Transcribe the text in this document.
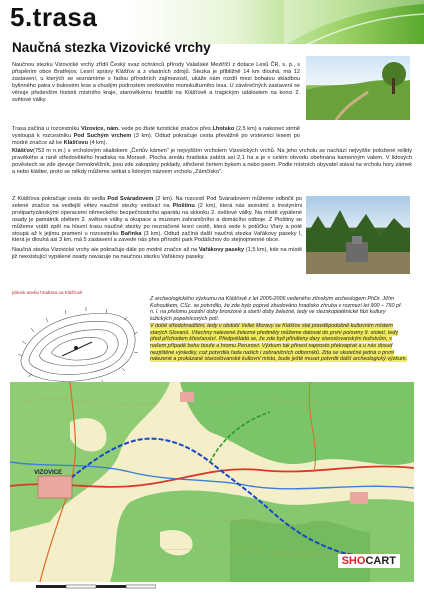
5.trasa
Naučná stezka Vizovické vrchy

Naučnou stezku Vizovické vrchy zřídil Český svaz ochránců přírody Valašské Meziříčí z dotace Lesů ČR, s. p., s přispěním obce Bratřejov, Lesní správy Klášťov a z vlastních zdrojů. Stezka je přibližně 14 km dlouhá, má 12 zastavení, u kterých se seznámíme s řadou přírodních zajímavostí, ukáže nám rozdíl mezi bohatou skladbou bylinného patra v bukovém lese a chudým podrostem smrkového monokulturního lesa. U závěrečných zastavení se věnuje především historii místního kraje, starověkému hradišti na Klášťově a tragickým událostem na konci 2. světové války.

Trasa začíná u rozcestníku Vizovice, nám. vede po žluté turistické značce přes Lhotsko (2,5 km) a nakonec strmě vystoupá k rozcestníku Pod Suchým vrchem (3 km). Odtud pokračuje cesta převážně po vrstevnici lesem po modré značce až ke Klášťovu (4 km).

Klášťov(753 m n.m.) s vrcholovým skaliskem „Čertův kámen" je nejvyšším vrcholem Vizovických vrchů. Na jeho vrcholu se nachází nejvyšše položené relikty pravěkého a raně středověkého hradiska na Moravě. Plocha areálu hradiska zabírá asi 2,1 ha a je v celém obvodu obehnána kamenným valem. V lidových pověstech se zde zjevuje černokněžník, jsou zde zakopány poklady, střežené čertem bykem a nebo psem. Podle místních obyvatel stával na vrcholu hory zámek a nebo klášter, proto se někdy můžeme setkat s lidovým názvem vrcholu „Zámčisko".

Z Klášťova pokračuje cesta do sedla Pod Sváradovem (2 km). Na rozcestí Pod Sváradovem můžeme odbočit po zelené značce na vedlejší větev naučné stezky vedoucí na Ploštinu (2 km), která nás seznámí s trestyními protipartyzánskými operacemi německého bezpečnostního aparátu na sklonku 2. světové války. Na místě vypálené osady je památník obětem 2. světové války a okupace a muzeum zahraničního a domácího odboje. Z Ploštiny se můžeme vrátit zpět na hlavní trasu naučné stezky po neznačené lesní cestě, která vede k potůčku Vlary a poté stoupá až k jejímu pramení u rozcestníku Bařinka (3 km). Odtud začíná další naučná stezka Vařákovy paseky I, která je dlouhá asi 3 km, má 5 zastavení a zavede nás přes přírodní park Podášchov do stejnojmenné obce.

Naučná stezka Vizovické vrchy ale pokračuje dále po modré značce až na Vařákovy paseky (1,5 km), kde na místě již neexistující vypálené osady navazuje na naučnou stezku Vařákovy paseky.

plánek areálu hradiska na Klášťově
Z archeologického výzkumu na Klášťově z let 2005-2006 vedeného zlínským archeologem PhDr. Jiřím Kohoutkem, CSc. se potvrdilo, že zde bylo poprvé zbudováno hradisko zhruba v rozmezí let 900 – 750 př. n. l. na přelomu pozdní doby bronzové a starší doby železné, tedy ve slezskoplatěnické fázi kultury lužických popelnicových polí.
V době středohradištní, tedy v období Velké Moravy se Klášťov stal pravděpodobně kultovním místem starých Slovanů. Všechny nalezené železné předměty můžeme datovat do první poloviny 9. století, tedy před příchodem křesťanství. Předpokládá se, že zde byli přináleny dary staroslovanským božstvům, v našem případě bohu bouře a hromu Perunovi. Výzkum tak přinesl naprosto překvapivé a u nás dosud nezjištěné výsledky, což potvrdila řada našich i zahraničních odborníků. Zda se skutečně jedná o první nalezené a prokázané staroslovanské kultovní místo, bude ještě muset potvrdit další archeologický výzkum.
VIZOVICE
SHOCART
